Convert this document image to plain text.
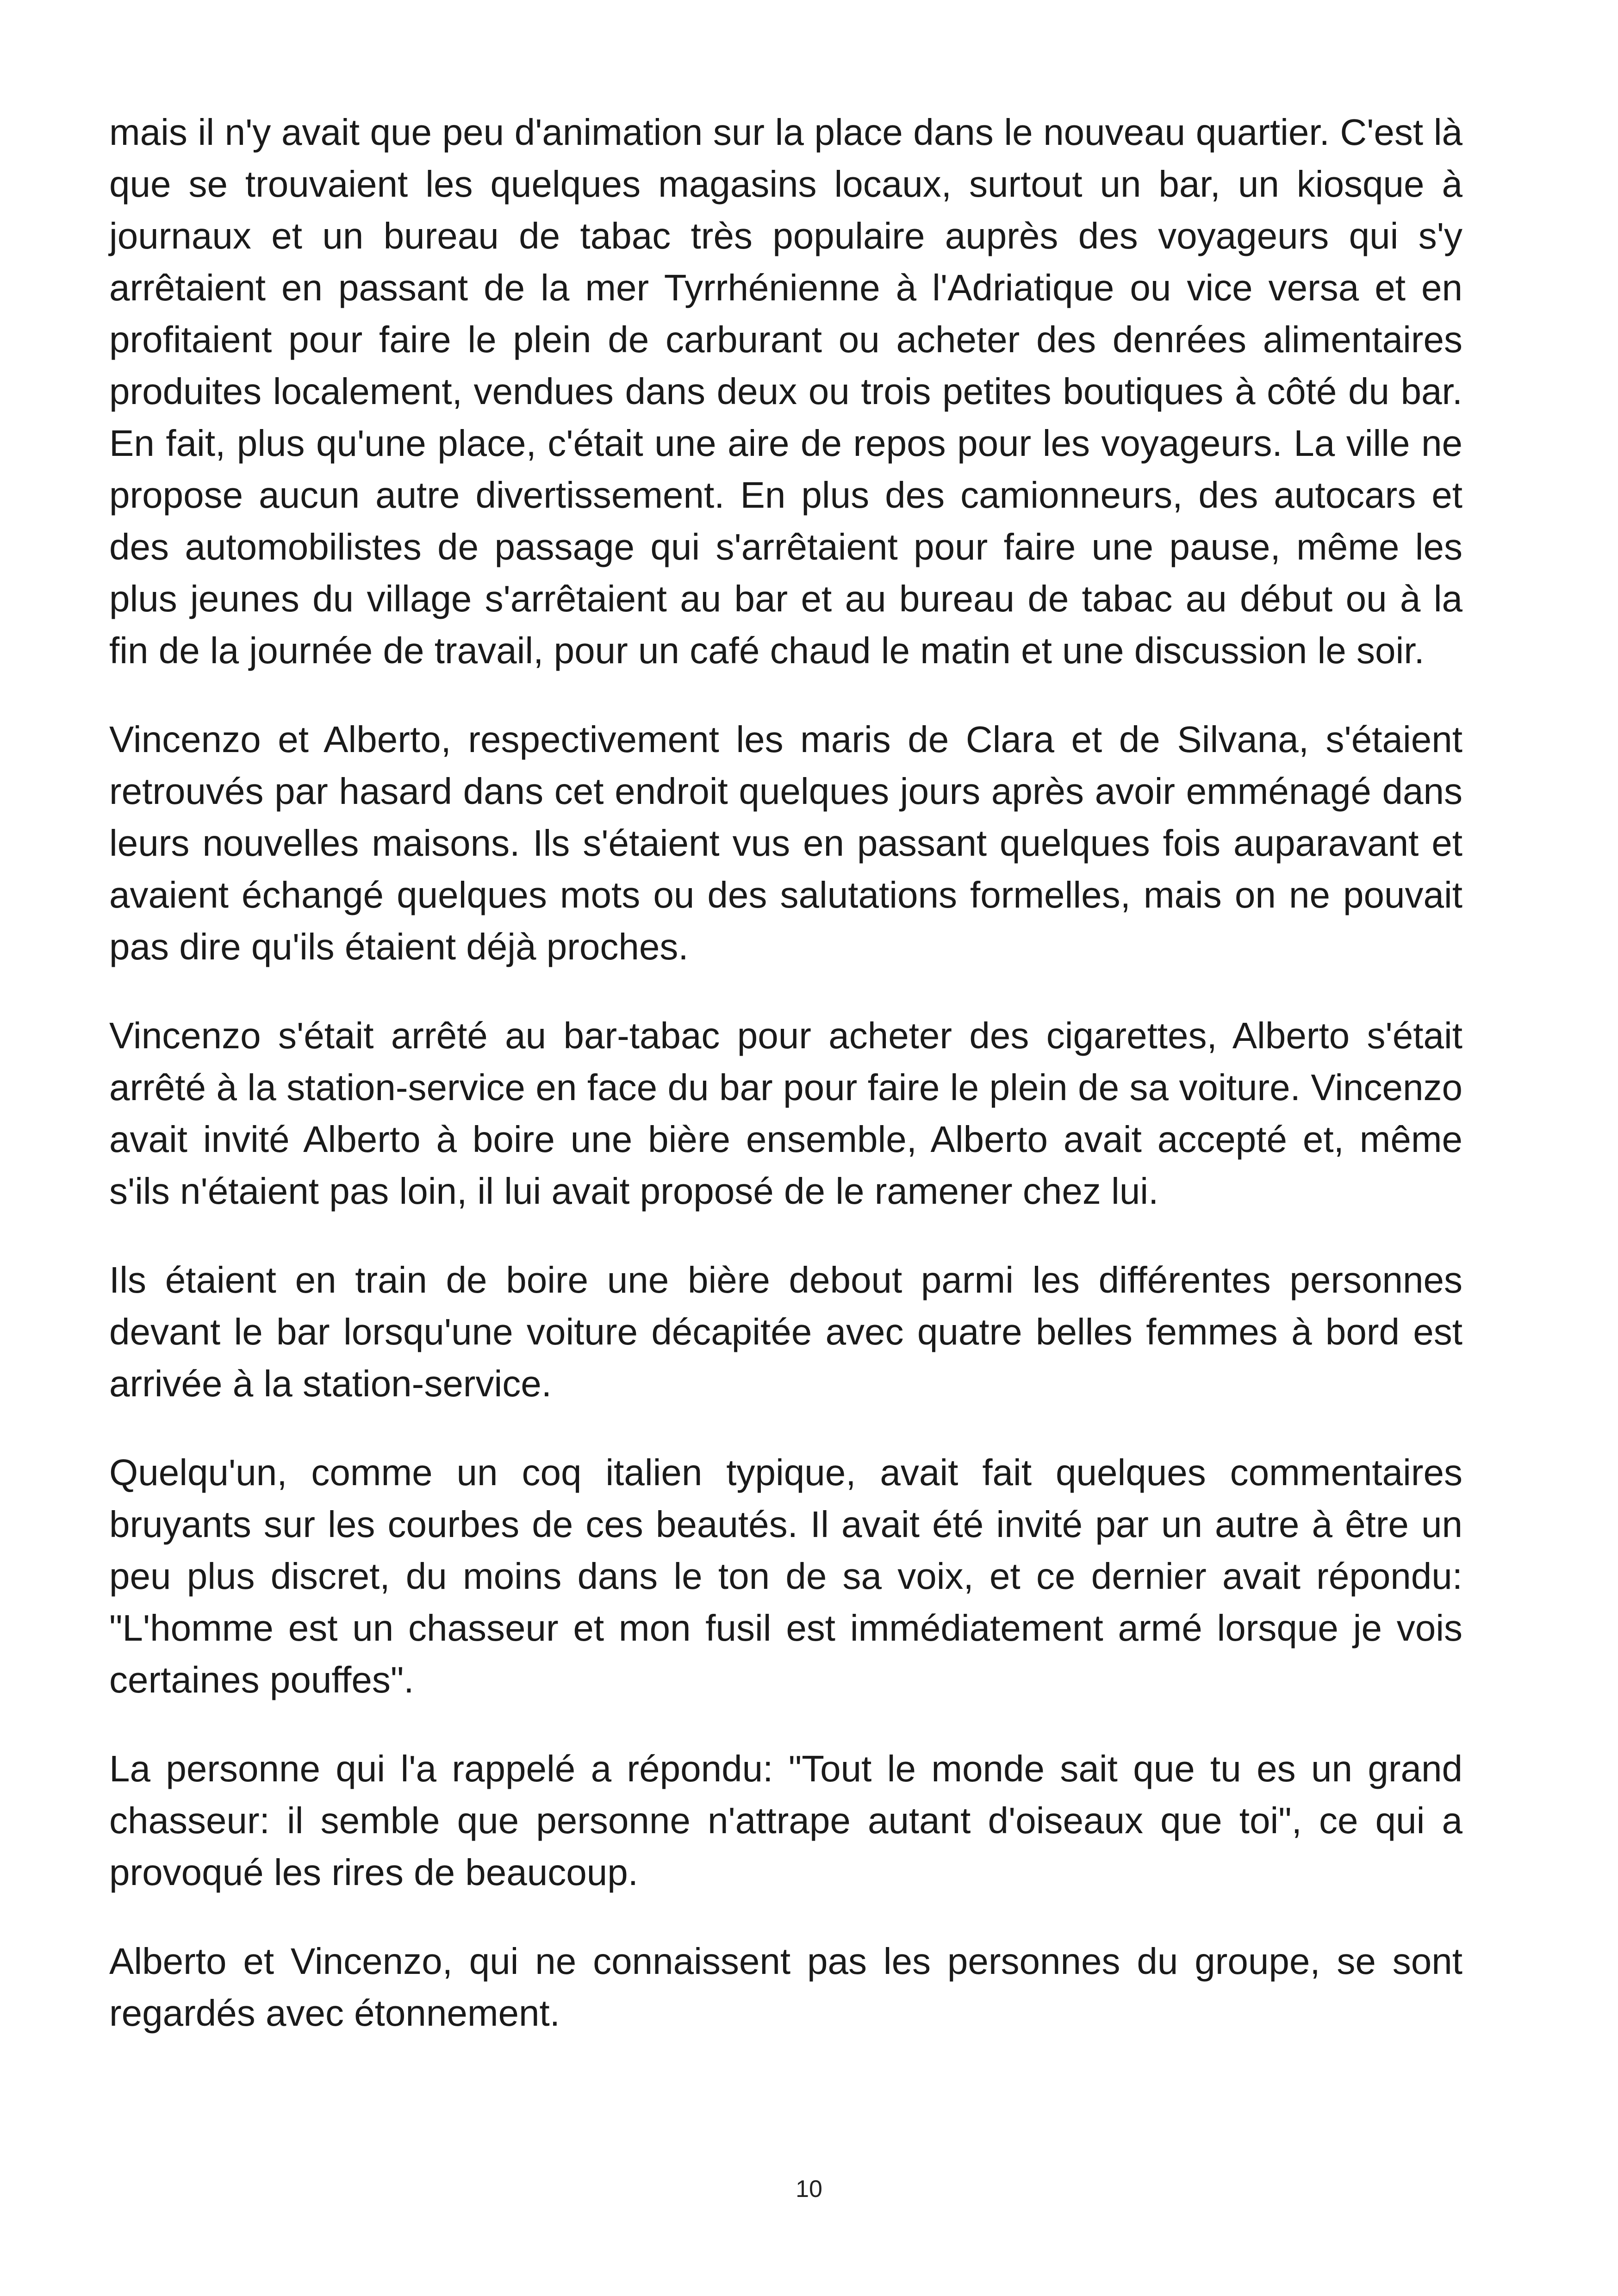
mais il n'y avait que peu d'animation sur la place dans le nouveau quartier. C'est là que se trouvaient les quelques magasins locaux, surtout un bar, un kiosque à journaux et un bureau de tabac très populaire auprès des voyageurs qui s'y arrêtaient en passant de la mer Tyrrhénienne à l'Adriatique ou vice versa et en profitaient pour faire le plein de carburant ou acheter des denrées alimentaires produites localement, vendues dans deux ou trois petites boutiques à côté du bar. En fait, plus qu'une place, c'était une aire de repos pour les voyageurs. La ville ne propose aucun autre divertissement. En plus des camionneurs, des autocars et des automobilistes de passage qui s'arrêtaient pour faire une pause, même les plus jeunes du village s'arrêtaient au bar et au bureau de tabac au début ou à la fin de la journée de travail, pour un café chaud le matin et une discussion le soir.

Vincenzo et Alberto, respectivement les maris de Clara et de Silvana, s'étaient retrouvés par hasard dans cet endroit quelques jours après avoir emménagé dans leurs nouvelles maisons. Ils s'étaient vus en passant quelques fois auparavant et avaient échangé quelques mots ou des salutations formelles, mais on ne pouvait pas dire qu'ils étaient déjà proches.

Vincenzo s'était arrêté au bar-tabac pour acheter des cigarettes, Alberto s'était arrêté à la station-service en face du bar pour faire le plein de sa voiture. Vincenzo avait invité Alberto à boire une bière ensemble, Alberto avait accepté et, même s'ils n'étaient pas loin, il lui avait proposé de le ramener chez lui.

Ils étaient en train de boire une bière debout parmi les différentes personnes devant le bar lorsqu'une voiture décapitée avec quatre belles femmes à bord est arrivée à la station-service.

Quelqu'un, comme un coq italien typique, avait fait quelques commentaires bruyants sur les courbes de ces beautés. Il avait été invité par un autre à être un peu plus discret, du moins dans le ton de sa voix, et ce dernier avait répondu: "L'homme est un chasseur et mon fusil est immédiatement armé lorsque je vois certaines pouffes".

La personne qui l'a rappelé a répondu: "Tout le monde sait que tu es un grand chasseur: il semble que personne n'attrape autant d'oiseaux que toi", ce qui a provoqué les rires de beaucoup.

Alberto et Vincenzo, qui ne connaissent pas les personnes du groupe, se sont regardés avec étonnement.

10
